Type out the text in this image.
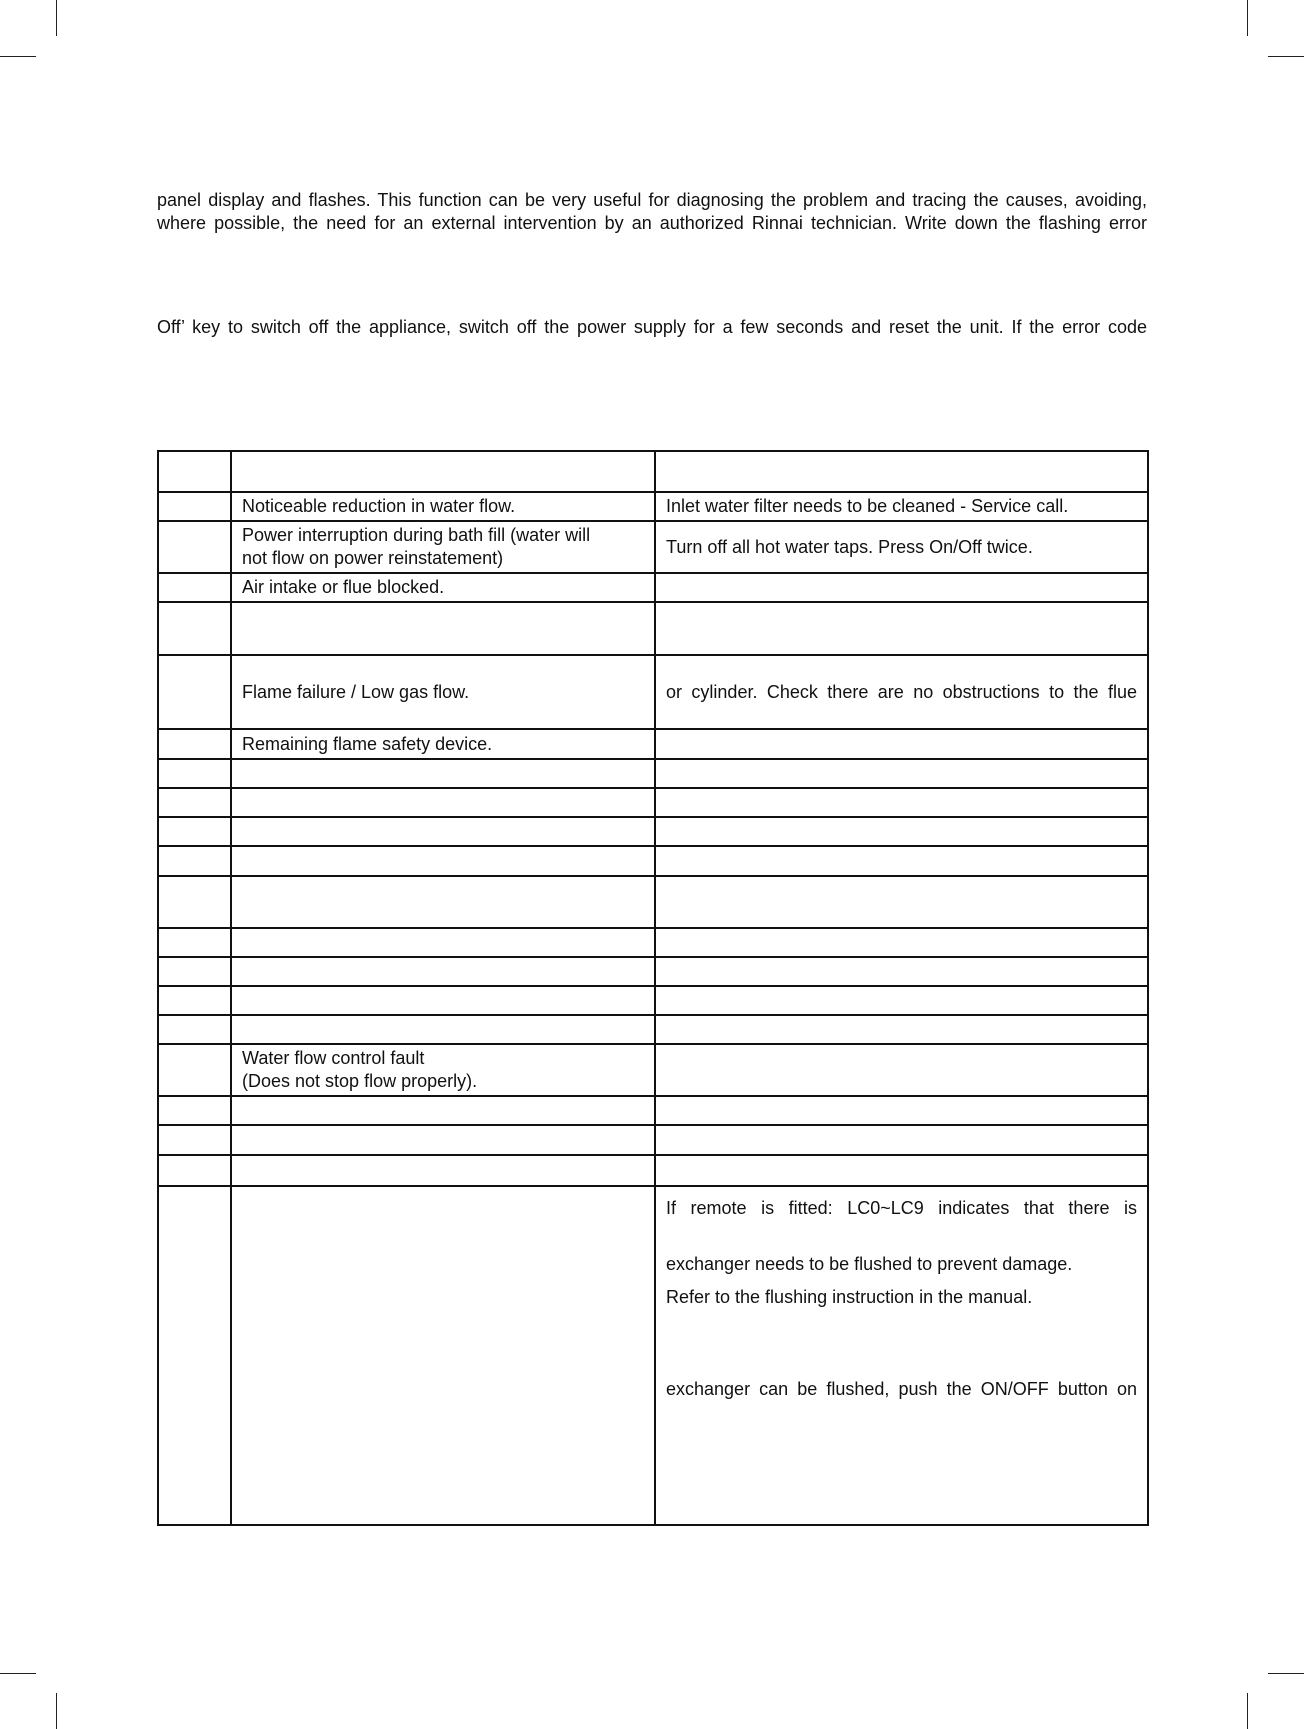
panel display and flashes. This function can be very useful for diagnosing the problem and tracing the causes, avoiding,
where possible, the need for an external intervention by an authorized Rinnai technician. Write down the flashing error

Off’ key to switch off the appliance, switch off the power supply for a few seconds and reset the unit. If the error code

	Noticeable reduction in water flow.	Inlet water filter needs to be cleaned - Service call.

	Power interruption during bath fill (water will
not flow on power reinstatement)	Turn off all hot water taps. Press On/Off twice.
	Air intake or flue blocked.	

	Flame failure / Low gas flow.	or cylinder. Check there are no obstructions to the flue
	Remaining flame safety device.	

	Water flow control fault
(Does not stop flow properly).	

		If remote is fitted: LC0~LC9 indicates that there is
exchanger needs to be flushed to prevent damage.
Refer to the flushing instruction in the manual.
exchanger can be flushed, push the ON/OFF button on
